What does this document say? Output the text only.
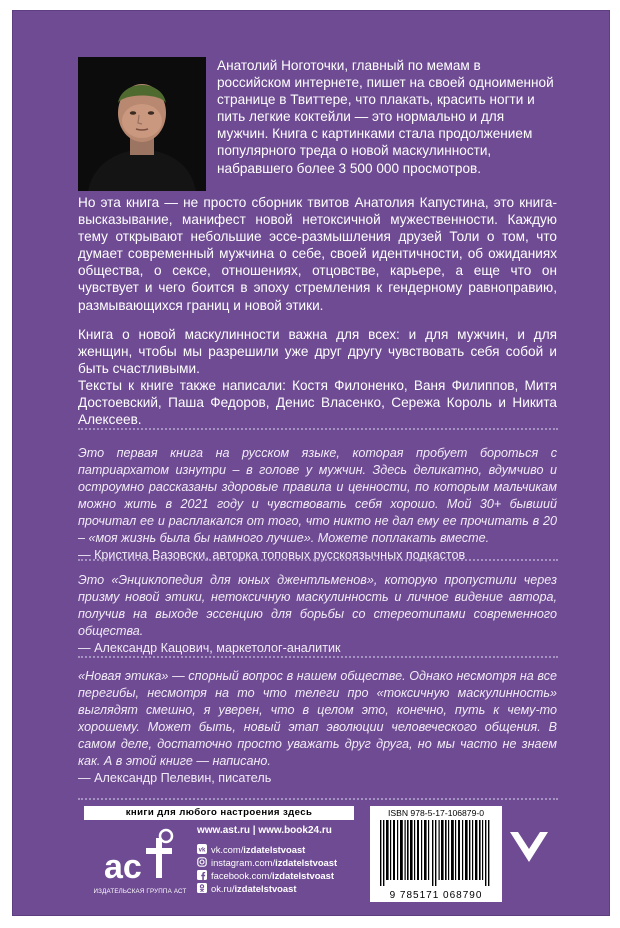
Анатолий Ноготочки, главный по мемам в российском интернете, пишет на своей одноименной странице в Твиттере, что плакать, красить ногти и пить легкие коктейли — это нормально и для мужчин. Книга с картинками стала продолжением популярного треда о новой маскулинности, набравшего более 3 500 000 просмотров.

Но эта книга — не просто сборник твитов Анатолия Капустина, это книга-высказывание, манифест новой нетоксичной мужественности. Каждую тему открывают небольшие эссе-размышления друзей Толи о том, что думает современный мужчина о себе, своей идентичности, об ожиданиях общества, о сексе, отношениях, отцовстве, карьере, а еще что он чувствует и чего боится в эпоху стремления к гендерному равноправию, размывающихся границ и новой этики.

Книга о новой маскулинности важна для всех: и для мужчин, и для женщин, чтобы мы разрешили уже друг другу чувствовать себя собой и быть счастливыми.
Тексты к книге также написали: Костя Филоненко, Ваня Филиппов, Митя Достоевский, Паша Федоров, Денис Власенко, Сережа Король и Никита Алексеев.
Это первая книга на русском языке, которая пробует бороться с патриархатом изнутри – в голове у мужчин. Здесь деликатно, вдумчиво и остроумно рассказаны здоровые правила и ценности, по которым мальчикам можно жить в 2021 году и чувствовать себя хорошо. Мой 30+ бывший прочитал ее и расплакался от того, что никто не дал ему ее прочитать в 20 – «моя жизнь была бы намного лучше». Можете поплакать вместе.
— Кристина Вазовски, авторка топовых русскоязычных подкастов
Это «Энциклопедия для юных джентльменов», которую пропустили через призму новой этики, нетоксичную маскулинность и личное видение автора, получив на выходе эссенцию для борьбы со стереотипами современного общества.
— Александр Кацович, маркетолог-аналитик
«Новая этика» — спорный вопрос в нашем обществе. Однако несмотря на все перегибы, несмотря на то что телеги про «токсичную маскулинность» выглядят смешно, я уверен, что в целом это, конечно, путь к чему-то хорошему. Может быть, новый этап эволюции человеческого общения. В самом деле, достаточно просто уважать друг друга, но мы часто не знаем как. А в этой книге — написано.
— Александр Пелевин, писатель
книги для любого настроения здесь
ac
ИЗДАТЕЛЬСКАЯ ГРУППА АСТ
www.ast.ru | www.book24.ru
vk vk.com/ izdatelstvoast
instagram.com/ izdatelstvoast
facebook.com/ izdatelstvoast
ok.ru/ izdatelstvoast
ISBN 978-5-17-106879-0
9 785171 068790
